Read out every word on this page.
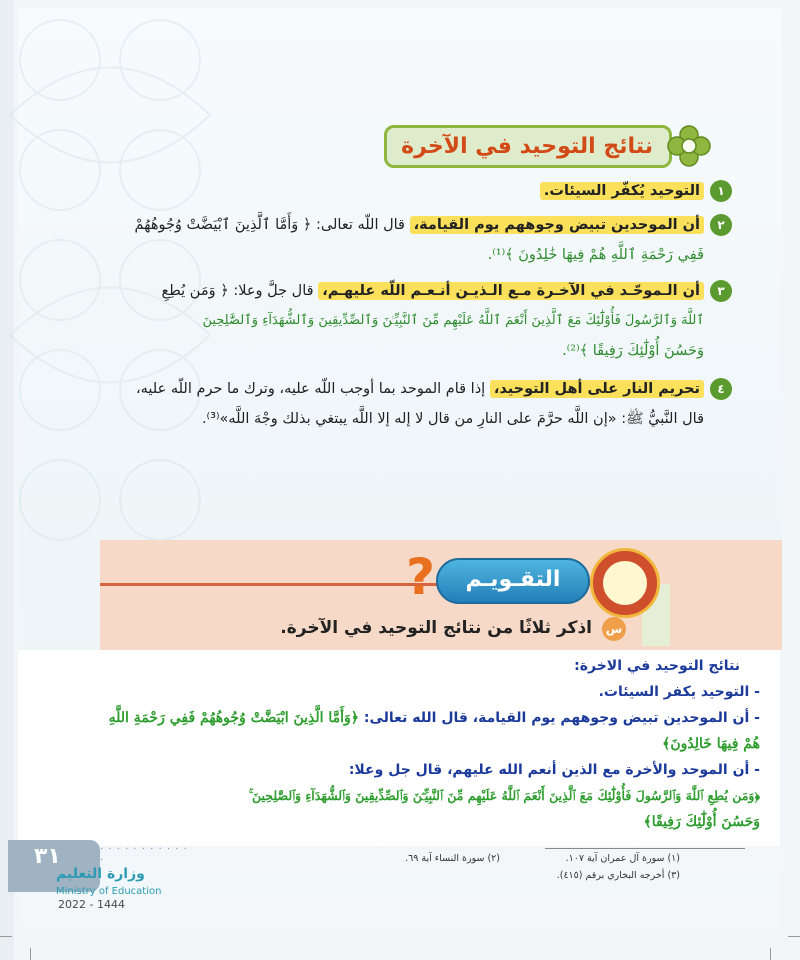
نتائج التوحيد في الآخرة
١
التوحيد يُكفّر السيئات.
٢
أن الموحدين تبيض وجوههم يوم القيامة، قال اللّه تعالى: ﴿ وَأَمَّا ٱلَّذِينَ ٱبْيَضَّتْ وُجُوهُهُمْ
فَفِي رَحْمَةِ ٱللَّهِ هُمْ فِيهَا خَٰلِدُونَ ﴾⁽¹⁾.
٣
أن الـموحّـد في الآخـرة مـع الـذيـن أنـعـم اللّه عليهـم، قال جلَّ وعلا: ﴿ وَمَن يُطِعِ
ٱللَّهَ وَٱلرَّسُولَ فَأُوْلَٰٓئِكَ مَعَ ٱلَّذِينَ أَنْعَمَ ٱللَّهُ عَلَيْهِم مِّنَ ٱلنَّبِيِّـۧنَ وَٱلصِّدِّيقِينَ وَٱلشُّهَدَآءِ وَٱلصَّٰلِحِينَ
وَحَسُنَ أُوْلَٰٓئِكَ رَفِيقًا ﴾⁽²⁾.
٤
تحريم النار على أهل التوحيد، إذا قام الموحد بما أوجب اللّه عليه، وترك ما حرم اللّه عليه،
قال النَّبيُّ ﷺ: «إن اللَّه حرَّمَ على النارِ من قال لا إله إلا اللَّه يبتغي بذلك وجْهَ اللَّه»⁽³⁾.
?	التقـويـم
س
اذكر ثلاثًا من نتائج التوحيد في الآخرة.
نتائج التوحيد في الاخرة:
- التوحيد يكفر السيئات.
- أن الموحدين تبيض وجوههم يوم القيامة، قال الله تعالى: ﴿وَأَمَّا الَّذِينَ ابْيَضَّتْ وُجُوهُهُمْ فَفِي رَحْمَةِ اللَّهِ
هُمْ فِيهَا خَالِدُونَ﴾
- أن الموحد والأخرة مع الذين أنعم الله عليهم، قال جل وعلا:
﴿وَمَن يُطِعِ ٱللَّهَ وَٱلرَّسُولَ فَأُوْلَٰٓئِكَ مَعَ ٱلَّذِينَ أَنْعَمَ ٱللَّهُ عَلَيْهِم مِّنَ ٱلنَّبِيِّـۧنَ وَٱلصِّدِّيقِينَ وَٱلشُّهَدَآءِ وَٱلصَّٰلِحِينَ ۚ
وَحَسُنَ أُوْلَٰٓئِكَ رَفِيقًا﴾
٣١	· · · · · · · · · · · ·
وزارة التعليم
Ministry of Education
2022 - 1444
(١) سورة آل عمران آية ١٠٧.
(٢) سورة النساء آية ٦٩.
(٣) أخرجه البخاري برقم (٤١٥).
